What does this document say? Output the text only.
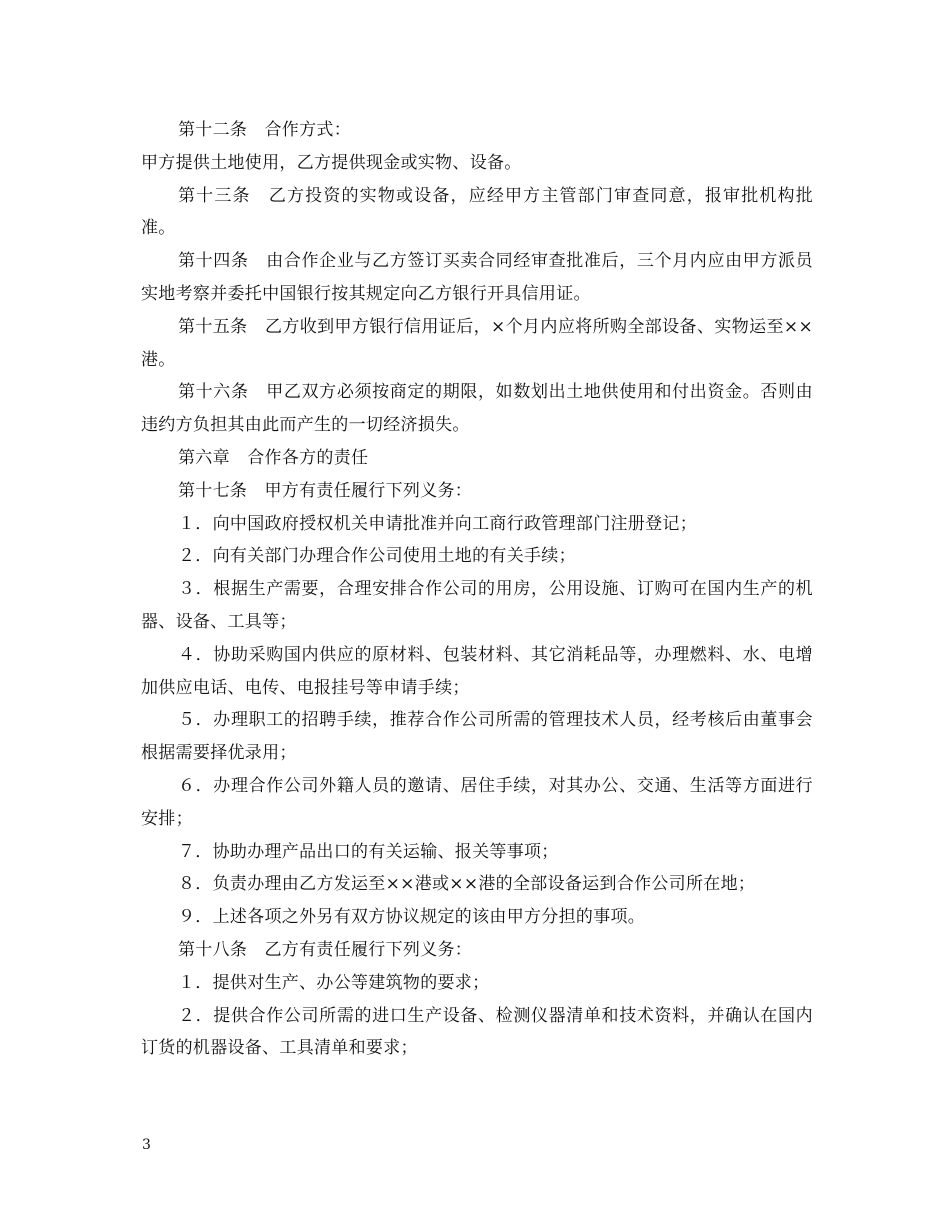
第十二条　合作方式：

甲方提供土地使用，乙方提供现金或实物、设备。

第十三条　乙方投资的实物或设备，应经甲方主管部门审查同意，报审批机构批准。

第十四条　由合作企业与乙方签订买卖合同经审查批准后，三个月内应由甲方派员实地考察并委托中国银行按其规定向乙方银行开具信用证。

第十五条　乙方收到甲方银行信用证后，×个月内应将所购全部设备、实物运至××港。

第十六条　甲乙双方必须按商定的期限，如数划出土地供使用和付出资金。否则由违约方负担其由此而产生的一切经济损失。

第六章　合作各方的责任

第十七条　甲方有责任履行下列义务：

１．向中国政府授权机关申请批准并向工商行政管理部门注册登记；

２．向有关部门办理合作公司使用土地的有关手续；

３．根据生产需要，合理安排合作公司的用房，公用设施、订购可在国内生产的机器、设备、工具等；

４．协助采购国内供应的原材料、包装材料、其它消耗品等，办理燃料、水、电增加供应电话、电传、电报挂号等申请手续；

５．办理职工的招聘手续，推荐合作公司所需的管理技术人员，经考核后由董事会根据需要择优录用；

６．办理合作公司外籍人员的邀请、居住手续，对其办公、交通、生活等方面进行安排；

７．协助办理产品出口的有关运输、报关等事项；

８．负责办理由乙方发运至××港或××港的全部设备运到合作公司所在地；

９．上述各项之外另有双方协议规定的该由甲方分担的事项。

第十八条　乙方有责任履行下列义务：

１．提供对生产、办公等建筑物的要求；

２．提供合作公司所需的进口生产设备、检测仪器清单和技术资料，并确认在国内订货的机器设备、工具清单和要求；

3
